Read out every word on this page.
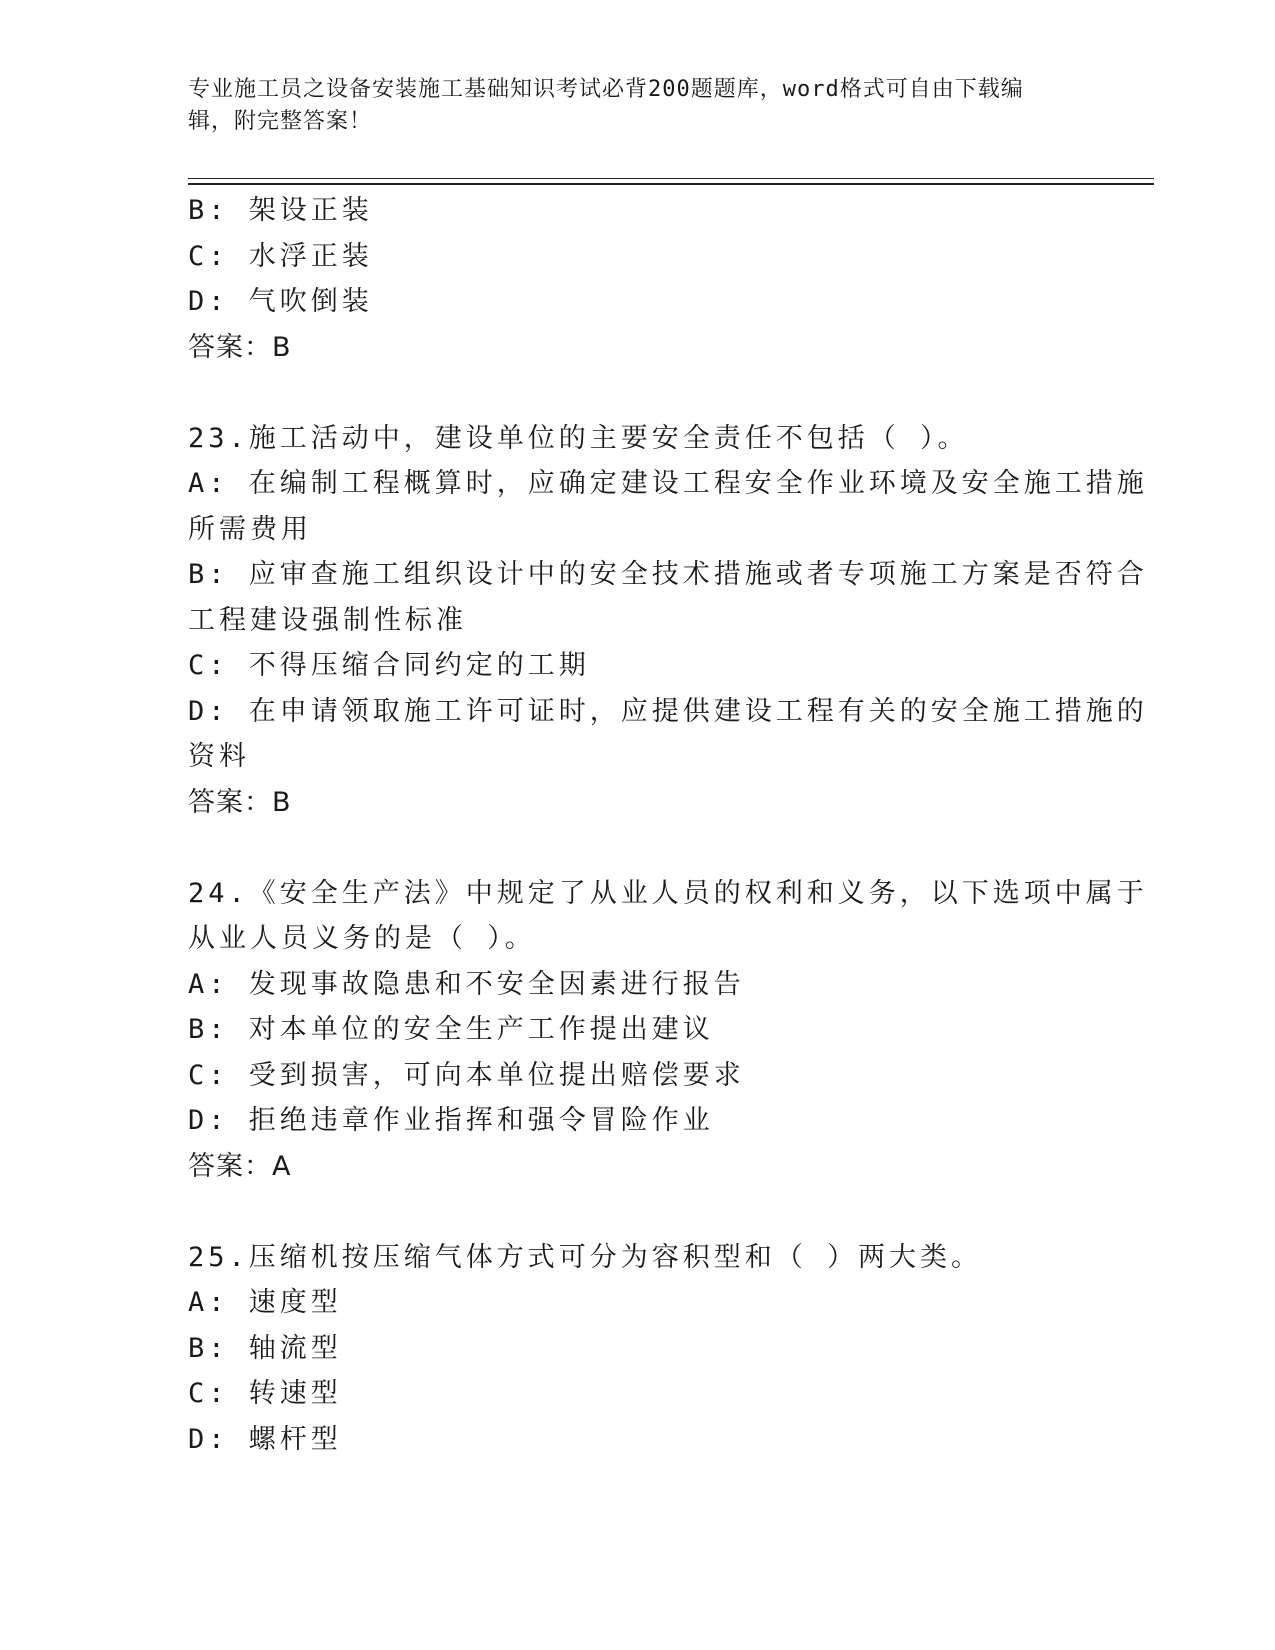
专业施工员之设备安装施工基础知识考试必背200题题库，word格式可自由下载编辑，附完整答案！
B: 架设正装
C: 水浮正装
D: 气吹倒装
答案：B
23.施工活动中，建设单位的主要安全责任不包括（ ）。
A: 在编制工程概算时，应确定建设工程安全作业环境及安全施工措施
所需费用
B: 应审查施工组织设计中的安全技术措施或者专项施工方案是否符合
工程建设强制性标准
C: 不得压缩合同约定的工期
D: 在申请领取施工许可证时，应提供建设工程有关的安全施工措施的
资料
答案：B
24.《安全生产法》中规定了从业人员的权利和义务，以下选项中属于
从业人员义务的是（ ）。
A: 发现事故隐患和不安全因素进行报告
B: 对本单位的安全生产工作提出建议
C: 受到损害，可向本单位提出赔偿要求
D: 拒绝违章作业指挥和强令冒险作业
答案：A
25.压缩机按压缩气体方式可分为容积型和（ ）两大类。
A: 速度型
B: 轴流型
C: 转速型
D: 螺杆型
